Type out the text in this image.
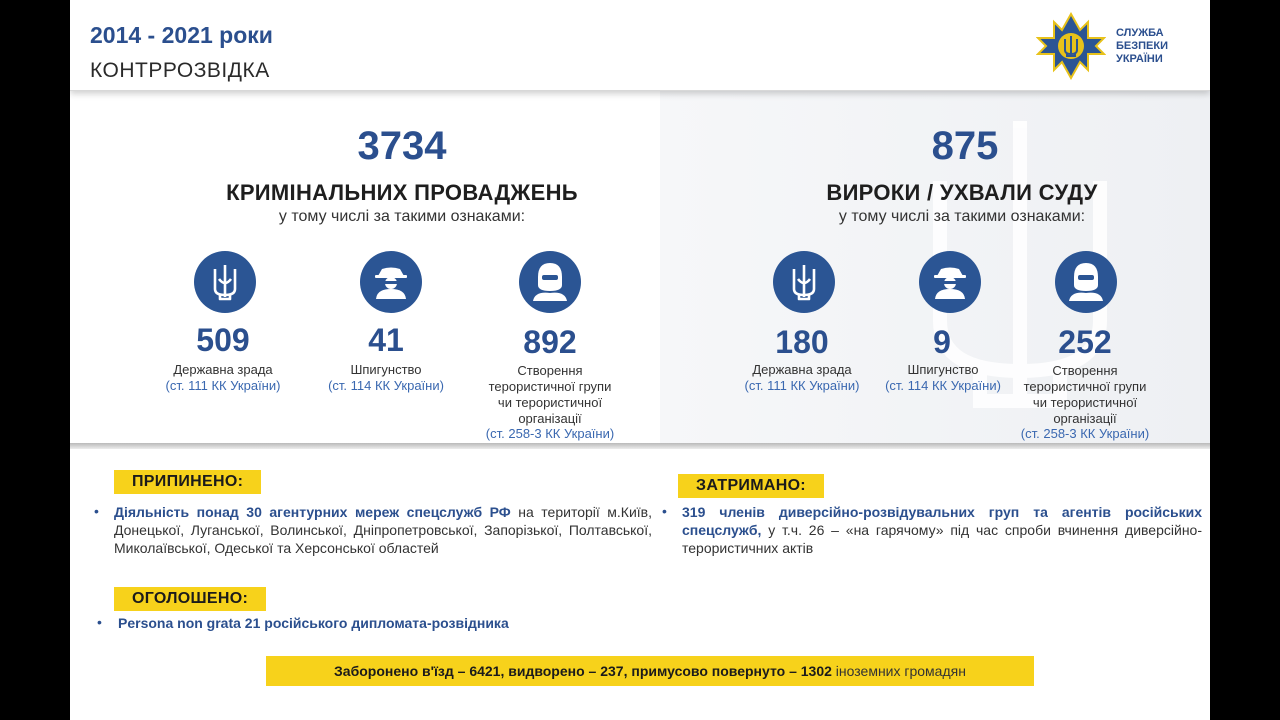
2014 - 2021 роки
КОНТРРОЗВІДКА
СЛУЖБА
БЕЗПЕКИ
УКРАЇНИ
3734
КРИМІНАЛЬНИХ ПРОВАДЖЕНЬ
у тому числі за такими ознаками:
509
Державна зрада
(ст. 111 КК України)
41
Шпигунство
(ст. 114 КК України)
892
Створення
терористичної групи
чи терористичної
організації
(ст. 258-3 КК України)
875
ВИРОКИ / УХВАЛИ СУДУ
у тому числі за такими ознаками:
180
Державна зрада
(ст. 111 КК України)
9
Шпигунство
(ст. 114 КК України)
252
Створення
терористичної групи
чи терористичної
організації
(ст. 258-3 КК України)
ПРИПИНЕНО:
• Діяльність понад 30 агентурних мереж спецслужб РФ на території м.Київ, Донецької, Луганської, Волинської, Дніпропетровської, Запорізької, Полтавської, Миколаївської, Одеської та Херсонської областей
ОГОЛОШЕНО:
• Persona non grata 21 російського дипломата-розвідника
ЗАТРИМАНО:
• 319 членів диверсійно-розвідувальних груп та агентів російських спецслужб, у т.ч. 26 – «на гарячому» під час спроби вчинення диверсійно-терористичних актів
Заборонено в'їзд – 6421, видворено – 237, примусово повернуто – 1302 іноземних громадян
